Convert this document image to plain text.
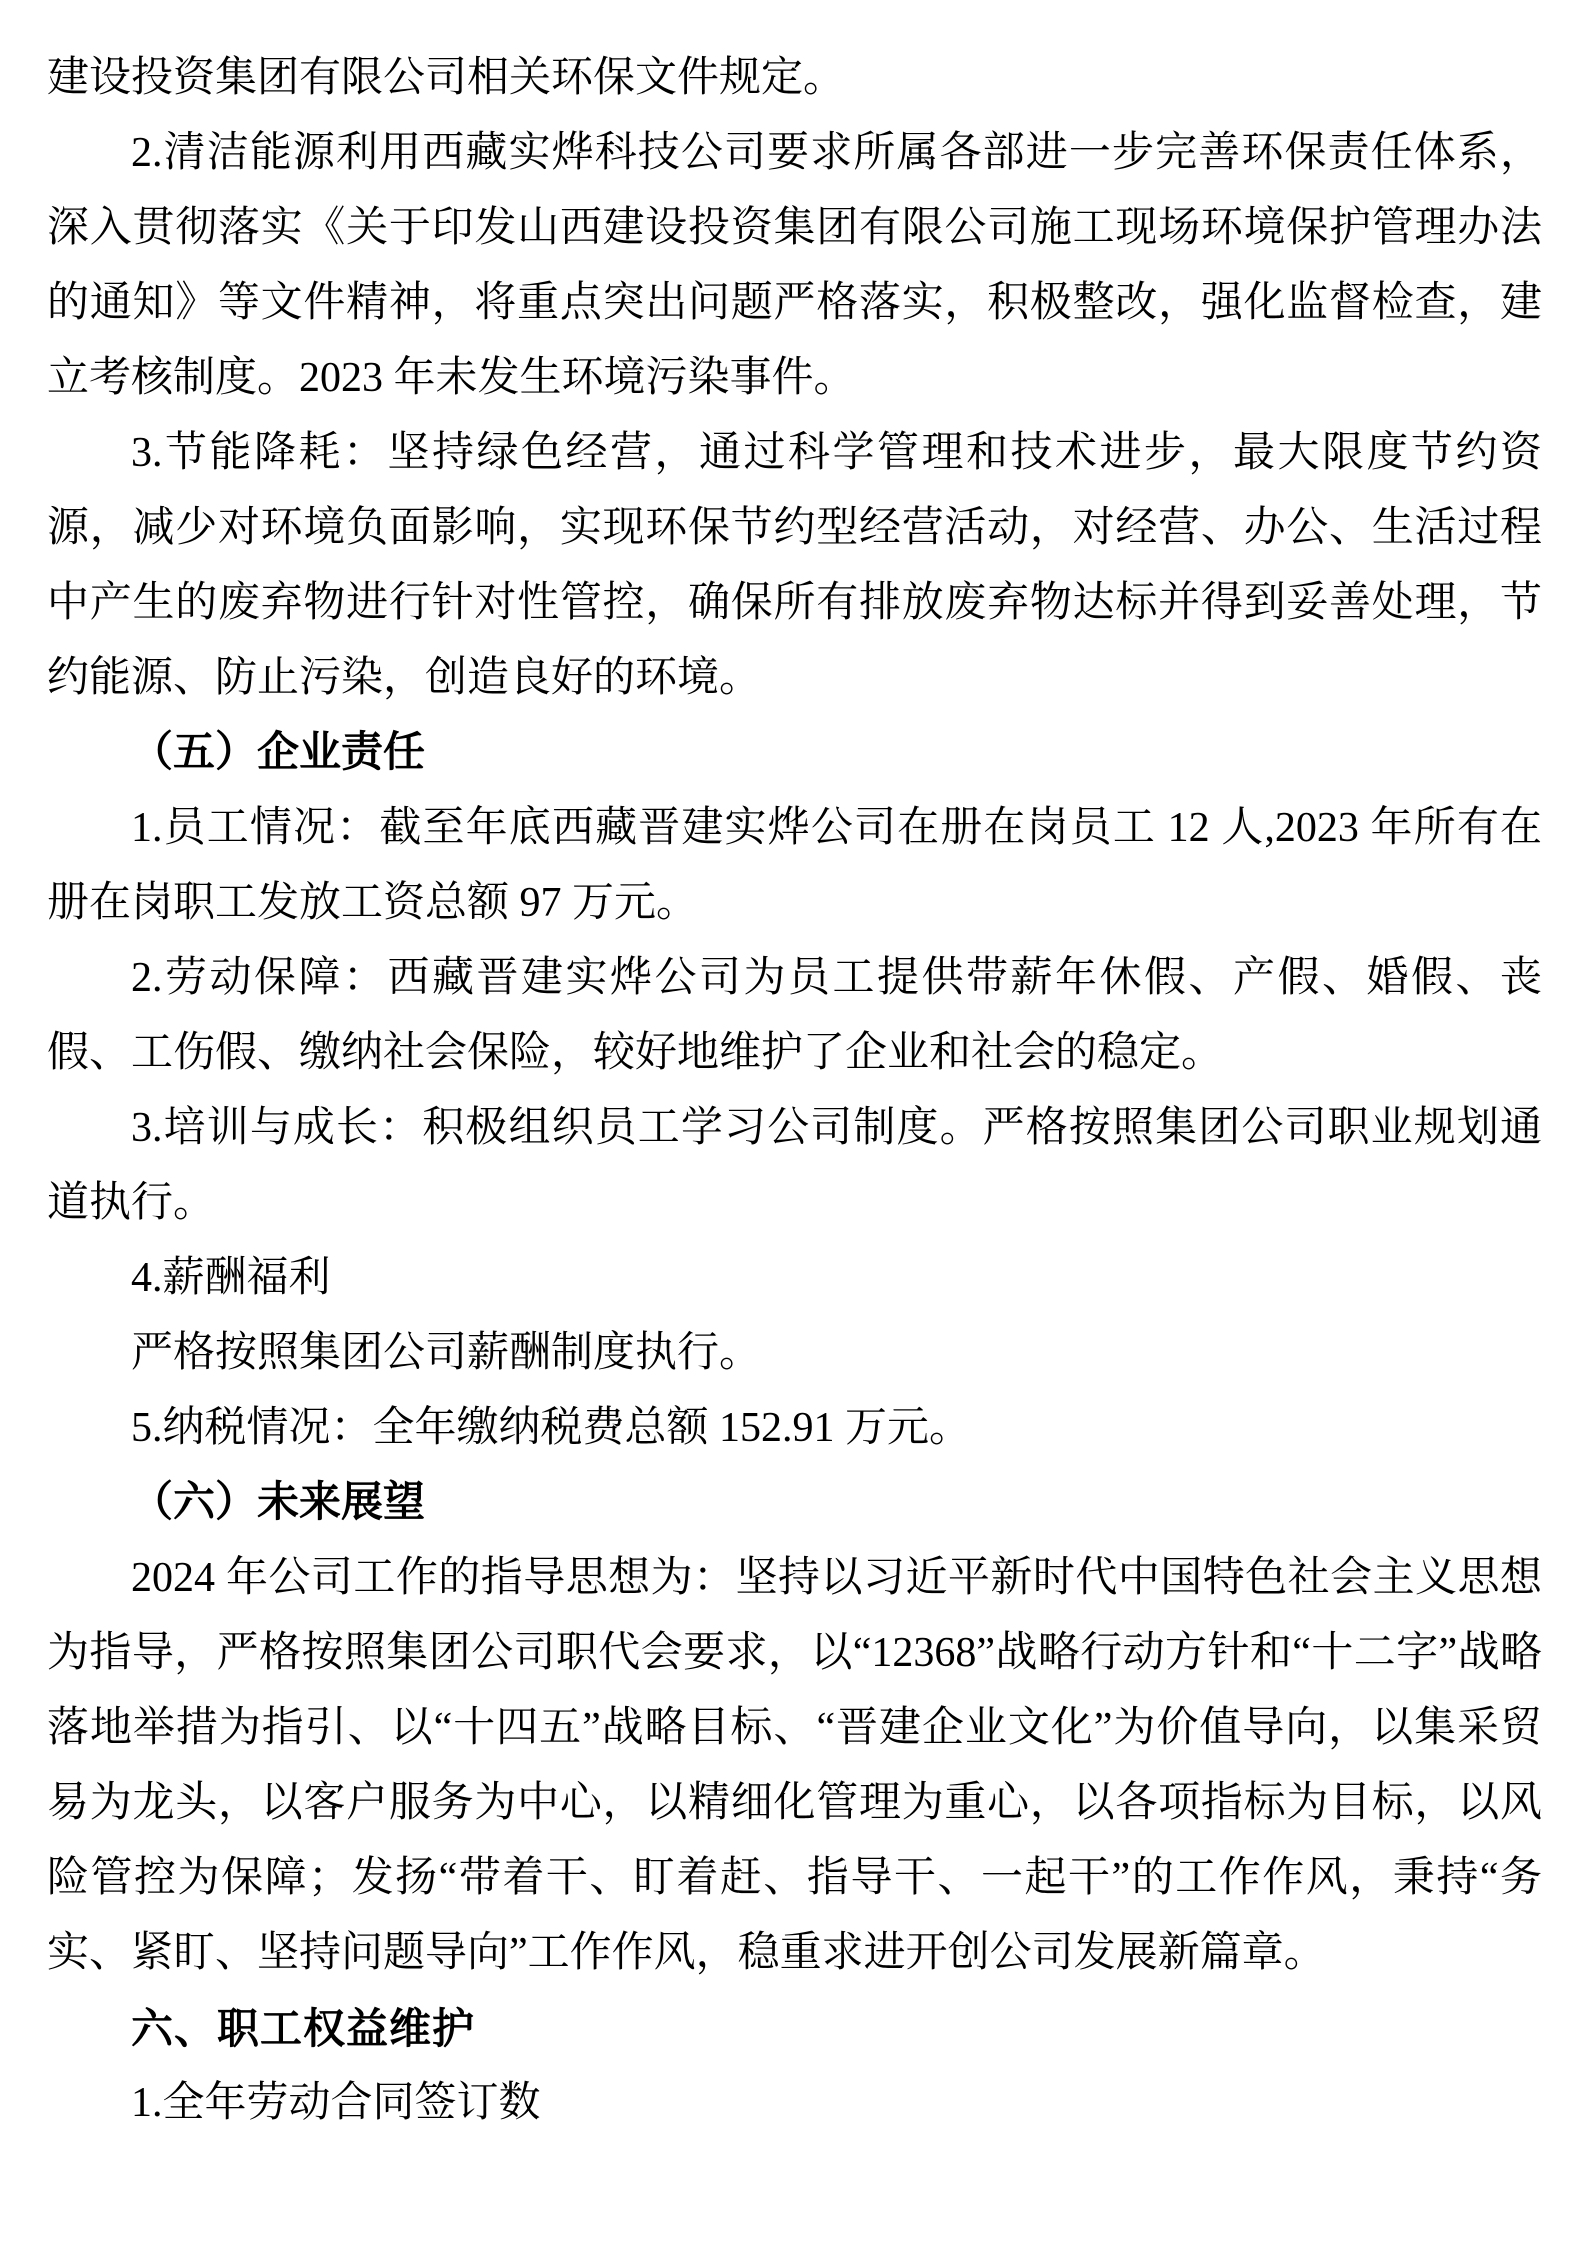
建设投资集团有限公司相关环保文件规定。

2.清洁能源利用西藏实烨科技公司要求所属各部进一步完善环保责任体系，深入贯彻落实《关于印发山西建设投资集团有限公司施工现场环境保护管理办法的通知》等文件精神，将重点突出问题严格落实，积极整改，强化监督检查，建立考核制度。2023 年未发生环境污染事件。

3.节能降耗：坚持绿色经营，通过科学管理和技术进步，最大限度节约资源，减少对环境负面影响，实现环保节约型经营活动，对经营、办公、生活过程中产生的废弃物进行针对性管控，确保所有排放废弃物达标并得到妥善处理，节约能源、防止污染，创造良好的环境。

（五）企业责任

1.员工情况：截至年底西藏晋建实烨公司在册在岗员工 12 人,2023 年所有在册在岗职工发放工资总额 97 万元。

2.劳动保障：西藏晋建实烨公司为员工提供带薪年休假、产假、婚假、丧假、工伤假、缴纳社会保险，较好地维护了企业和社会的稳定。

3.培训与成长：积极组织员工学习公司制度。严格按照集团公司职业规划通道执行。

4.薪酬福利

严格按照集团公司薪酬制度执行。

5.纳税情况：全年缴纳税费总额 152.91 万元。

（六）未来展望

2024 年公司工作的指导思想为：坚持以习近平新时代中国特色社会主义思想为指导，严格按照集团公司职代会要求，以“12368”战略行动方针和“十二字”战略落地举措为指引、以“十四五”战略目标、“晋建企业文化”为价值导向，以集采贸易为龙头，以客户服务为中心，以精细化管理为重心，以各项指标为目标，以风险管控为保障；发扬“带着干、盯着赶、指导干、一起干”的工作作风，秉持“务实、紧盯、坚持问题导向”工作作风，稳重求进开创公司发展新篇章。

六、职工权益维护

1.全年劳动合同签订数
